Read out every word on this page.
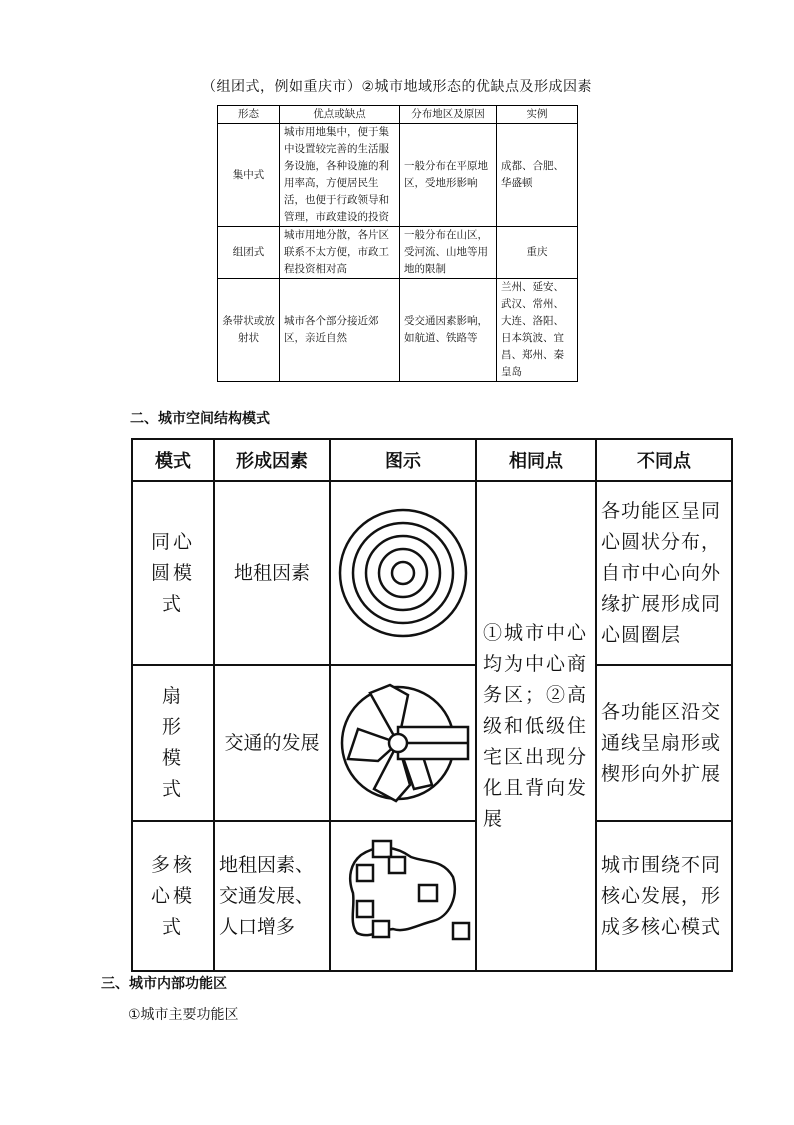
（组团式，例如重庆市）②城市地域形态的优缺点及形成因素
形态	优点或缺点	分布地区及原因	实例
集中式	城市用地集中，便于集中设置较完善的生活服务设施，各种设施的利用率高，方便居民生活，也便于行政领导和管理，市政建设的投资	一般分布在平原地区，受地形影响	成都、合肥、华盛顿
组团式	城市用地分散，各片区联系不太方便，市政工程投资相对高	一般分布在山区，受河流、山地等用地的限制	重庆
条带状或放射状	城市各个部分接近郊区，亲近自然	受交通因素影响，如航道、铁路等	兰州、延安、武汉、常州、大连、洛阳、日本筑波、宜昌、郑州、秦皇岛
二、城市空间结构模式
模式	形成因素	图示	相同点	不同点
同心圆模式	地租因素		①城市中心均为中心商务区；②高级和低级住宅区出现分化且背向发展	各功能区呈同心圆状分布，自市中心向外缘扩展形成同心圆圈层
扇形模式	交通的发展			各功能区沿交通线呈扇形或楔形向外扩展
多核心模式	地租因素、交通发展、人口增多			城市围绕不同核心发展，形成多核心模式
三、城市内部功能区
①城市主要功能区
